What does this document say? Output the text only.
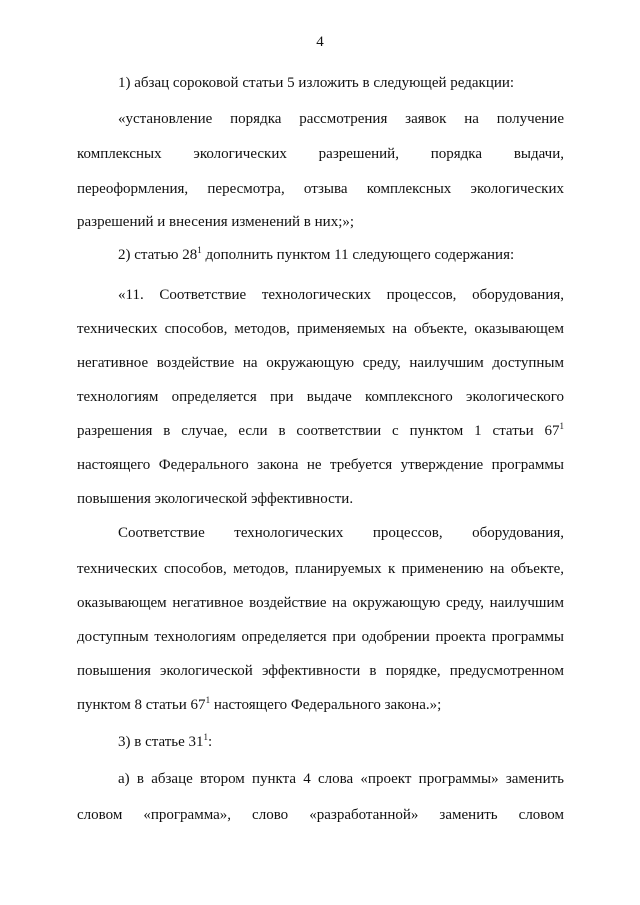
4
1) абзац сороковой статьи 5 изложить в следующей редакции:
«установление порядка рассмотрения заявок на получение
комплексных экологических разрешений, порядка выдачи,
переоформления, пересмотра, отзыва комплексных экологических
разрешений и внесения изменений в них;»;
2) статью $28^1$ дополнить пунктом 11 следующего содержания:
«11. Соответствие технологических процессов, оборудования,
технических способов, методов, применяемых на объекте, оказывающем
негативное воздействие на окружающую среду, наилучшим доступным
технологиям определяется при выдаче комплексного экологического
разрешения в случае, если в соответствии с пунктом 1 статьи $67^1$
настоящего Федерального закона не требуется утверждение программы
повышения экологической эффективности.
Соответствие технологических процессов, оборудования,
технических способов, методов, планируемых к применению на объекте,
оказывающем негативное воздействие на окружающую среду, наилучшим
доступным технологиям определяется при одобрении проекта программы
повышения экологической эффективности в порядке, предусмотренном
пунктом 8 статьи $67^1$ настоящего Федерального закона.»;
3) в статье $31^1$:
а) в абзаце втором пункта 4 слова «проект программы» заменить
словом «программа», слово «разработанной» заменить словом
